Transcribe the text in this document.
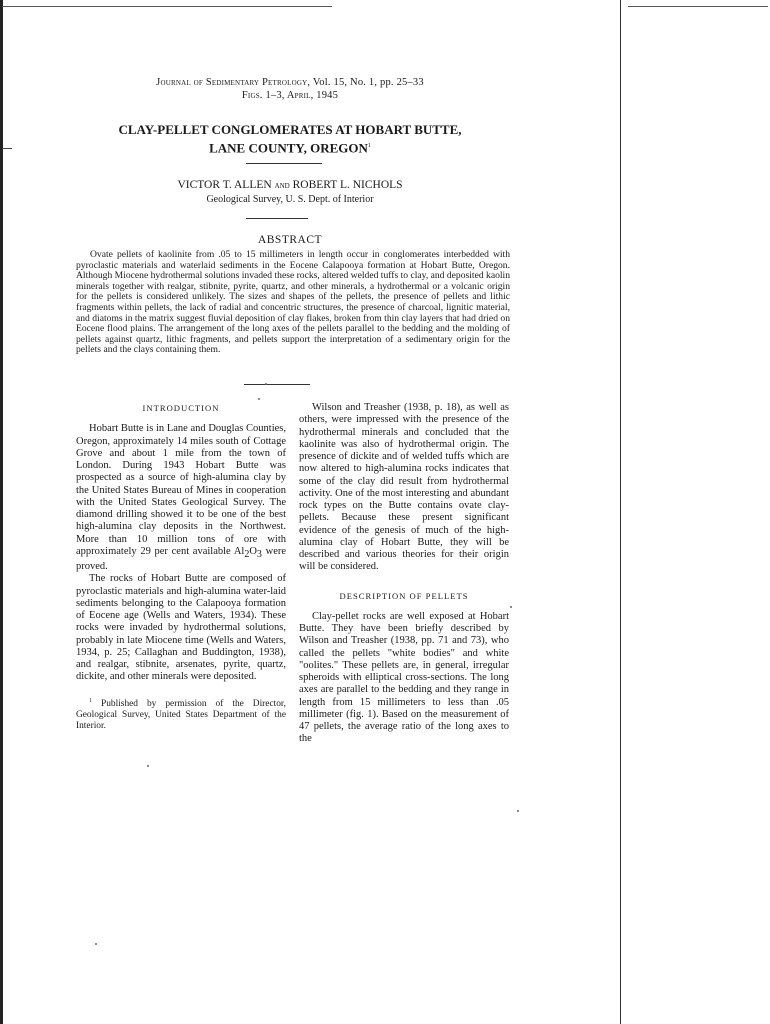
Journal of Sedimentary Petrology, Vol. 15, No. 1, pp. 25–33
Figs. 1–3, April, 1945
CLAY-PELLET CONGLOMERATES AT HOBART BUTTE,
LANE COUNTY, OREGON$^1$
VICTOR T. ALLEN and ROBERT L. NICHOLS
Geological Survey, U. S. Dept. of Interior
ABSTRACT
Ovate pellets of kaolinite from .05 to 15 millimeters in length occur in conglomerates interbedded with pyroclastic materials and waterlaid sediments in the Eocene Calapooya formation at Hobart Butte, Oregon. Although Miocene hydrothermal solutions invaded these rocks, altered welded tuffs to clay, and deposited kaolin minerals together with realgar, stibnite, pyrite, quartz, and other minerals, a hydrothermal or a volcanic origin for the pellets is considered unlikely. The sizes and shapes of the pellets, the presence of pellets and lithic fragments within pellets, the lack of radial and concentric structures, the presence of charcoal, lignitic material, and diatoms in the matrix suggest fluvial deposition of clay flakes, broken from thin clay layers that had dried on Eocene flood plains. The arrangement of the long axes of the pellets parallel to the bedding and the molding of pellets against quartz, lithic fragments, and pellets support the interpretation of a sedimentary origin for the pellets and the clays containing them.
INTRODUCTION

Hobart Butte is in Lane and Douglas Counties, Oregon, approximately 14 miles south of Cottage Grove and about 1 mile from the town of London. During 1943 Hobart Butte was prospected as a source of high-alumina clay by the United States Bureau of Mines in cooperation with the United States Geological Survey. The diamond drilling showed it to be one of the best high-alumina clay deposits in the Northwest. More than 10 million tons of ore with approximately 29 per cent available $Al_2O_3$ were proved.

The rocks of Hobart Butte are composed of pyroclastic materials and high-alumina water-laid sediments belonging to the Calapooya formation of Eocene age (Wells and Waters, 1934). These rocks were invaded by hydrothermal solutions, probably in late Miocene time (Wells and Waters, 1934, p. 25; Callaghan and Buddington, 1938), and realgar, stibnite, arsenates, pyrite, quartz, dickite, and other minerals were deposited.

$^1$ Published by permission of the Director, Geological Survey, United States Department of the Interior.

Wilson and Treasher (1938, p. 18), as well as others, were impressed with the presence of the hydrothermal minerals and concluded that the kaolinite was also of hydrothermal origin. The presence of dickite and of welded tuffs which are now altered to high-alumina rocks indicates that some of the clay did result from hydrothermal activity. One of the most interesting and abundant rock types on the Butte contains ovate clay-pellets. Because these present significant evidence of the genesis of much of the high-alumina clay of Hobart Butte, they will be described and various theories for their origin will be considered.

DESCRIPTION OF PELLETS

Clay-pellet rocks are well exposed at Hobart Butte. They have been briefly described by Wilson and Treasher (1938, pp. 71 and 73), who called the pellets "white bodies" and white "oolites." These pellets are, in general, irregular spheroids with elliptical cross-sections. The long axes are parallel to the bedding and they range in length from 15 millimeters to less than .05 millimeter (fig. 1). Based on the measurement of 47 pellets, the average ratio of the long axes to the
